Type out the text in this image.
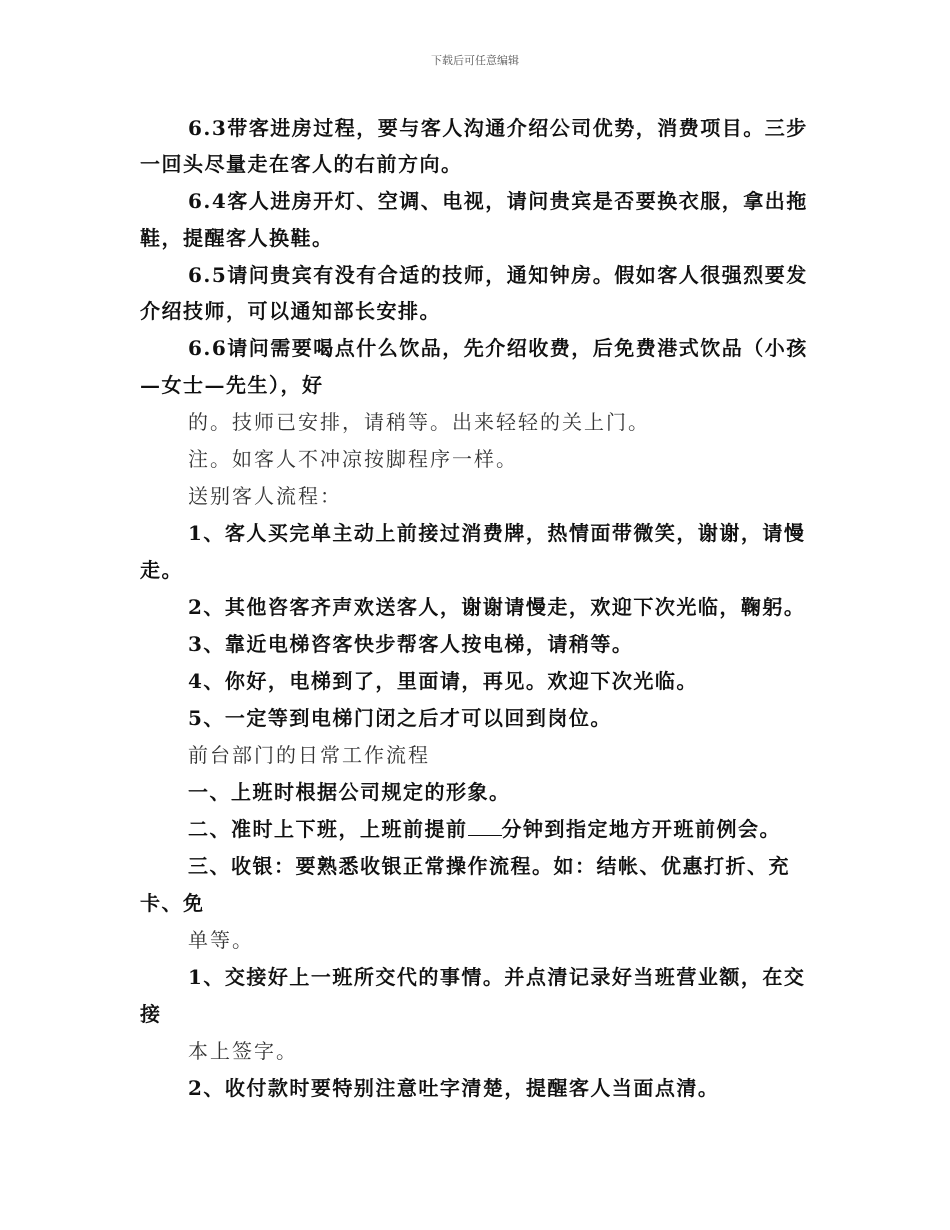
下载后可任意编辑
6.3带客进房过程，要与客人沟通介绍公司优势，消费项目。三步
一回头尽量走在客人的右前方向。
6.4客人进房开灯、空调、电视，请问贵宾是否要换衣服，拿出拖
鞋，提醒客人换鞋。
6.5请问贵宾有没有合适的技师，通知钟房。假如客人很强烈要发
介绍技师，可以通知部长安排。
6.6请问需要喝点什么饮品，先介绍收费，后免费港式饮品（小孩
—女士—先生），好
的。技师已安排，请稍等。出来轻轻的关上门。
注。如客人不冲凉按脚程序一样。
送别客人流程：
1、客人买完单主动上前接过消费牌，热情面带微笑，谢谢，请慢
走。
2、其他咨客齐声欢送客人，谢谢请慢走，欢迎下次光临，鞠躬。
3、靠近电梯咨客快步帮客人按电梯，请稍等。
4、你好，电梯到了，里面请，再见。欢迎下次光临。
5、一定等到电梯门闭之后才可以回到岗位。
前台部门的日常工作流程
一、上班时根据公司规定的形象。
二、准时上下班，上班前提前 分钟到指定地方开班前例会。
三、收银：要熟悉收银正常操作流程。如：结帐、优惠打折、充
卡、免
单等。
1、交接好上一班所交代的事情。并点清记录好当班营业额，在交
接
本上签字。
2、收付款时要特别注意吐字清楚，提醒客人当面点清。
